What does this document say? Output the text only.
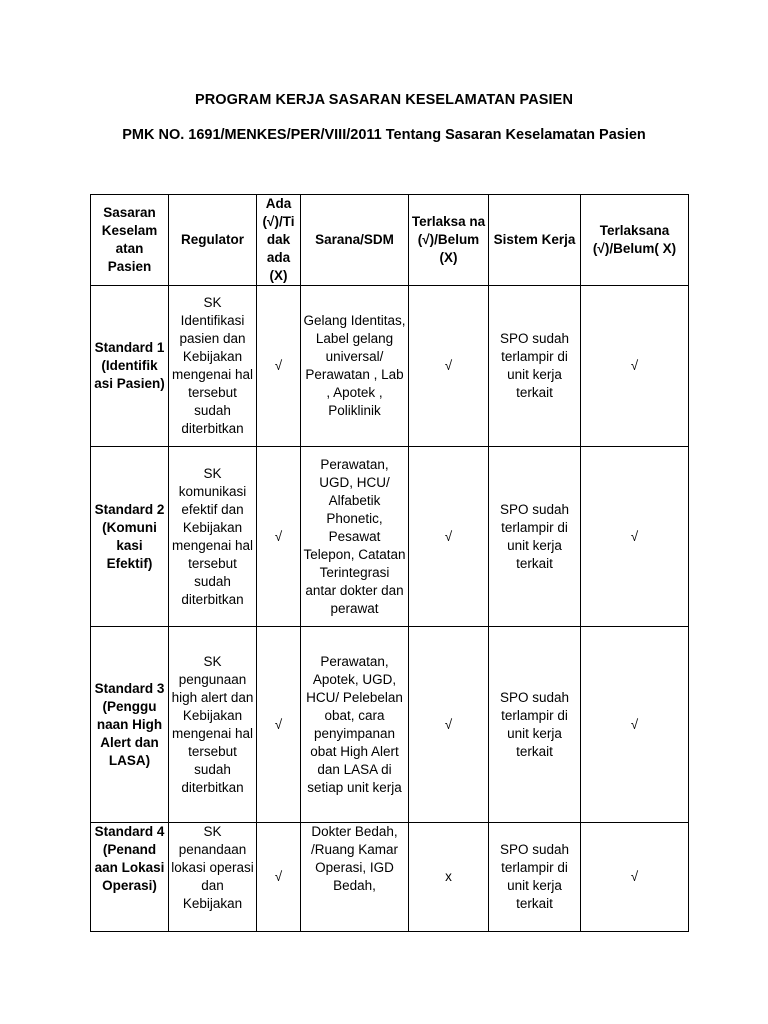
PROGRAM KERJA SASARAN KESELAMATAN PASIEN
PMK NO. 1691/MENKES/PER/VIII/2011 Tentang Sasaran Keselamatan Pasien
Sasaran Keselam atan Pasien	Regulator	Ada (√)/Ti dak ada (X)	Sarana/SDM	Terlaksa na (√)/Belum (X)	Sistem Kerja	Terlaksana (√)/Belum( X)
Standard 1 (Identifik asi Pasien)	SK Identifikasi pasien dan Kebijakan mengenai hal tersebut sudah diterbitkan	√	Gelang Identitas, Label gelang universal/ Perawatan , Lab , Apotek , Poliklinik	√	SPO sudah terlampir di unit kerja terkait	√
Standard 2 (Komuni kasi Efektif)	SK komunikasi efektif dan Kebijakan mengenai hal tersebut sudah diterbitkan	√	Perawatan, UGD, HCU/ Alfabetik Phonetic, Pesawat Telepon, Catatan Terintegrasi antar dokter dan perawat	√	SPO sudah terlampir di unit kerja terkait	√
Standard 3 (Penggu naan High Alert dan LASA)	SK pengunaan high alert dan Kebijakan mengenai hal tersebut sudah diterbitkan	√	Perawatan, Apotek, UGD, HCU/ Pelebelan obat, cara penyimpanan obat High Alert dan LASA di setiap unit kerja	√	SPO sudah terlampir di unit kerja terkait	√
Standard 4 (Penand aan Lokasi Operasi)	SK penandaan lokasi operasi dan Kebijakan	√	Dokter Bedah, /Ruang Kamar Operasi, IGD Bedah,	x	SPO sudah terlampir di unit kerja terkait	√
